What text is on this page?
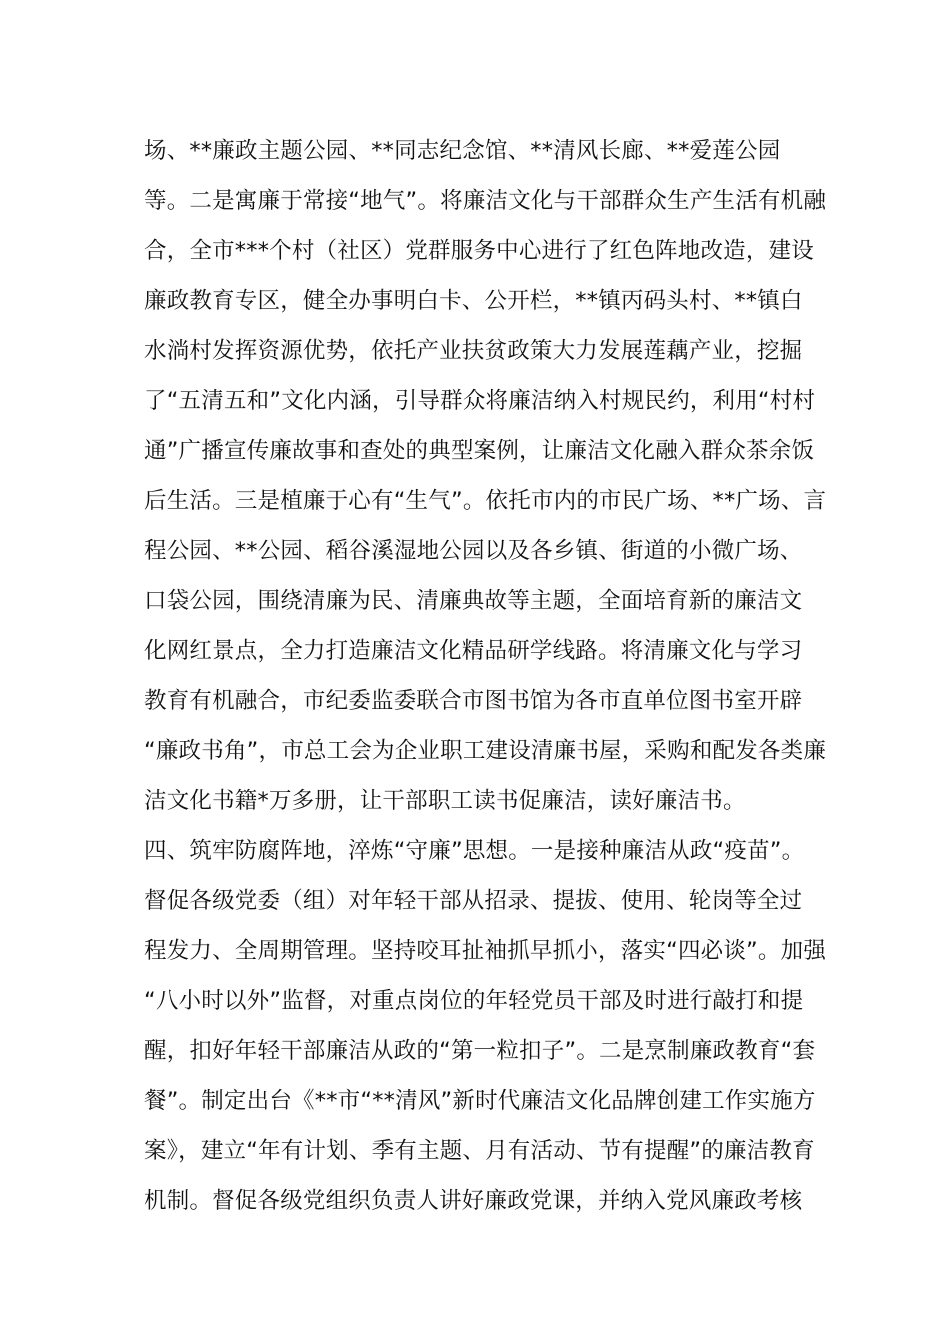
场、**廉政主题公园、**同志纪念馆、**清风长廊、**爱莲公园
等。二是寓廉于常接“地气”。将廉洁文化与干部群众生产生活有机融
合，全市***个村（社区）党群服务中心进行了红色阵地改造，建设
廉政教育专区，健全办事明白卡、公开栏，**镇丙码头村、**镇白
水淌村发挥资源优势，依托产业扶贫政策大力发展莲藕产业，挖掘
了“五清五和”文化内涵，引导群众将廉洁纳入村规民约，利用“村村
通”广播宣传廉故事和查处的典型案例，让廉洁文化融入群众茶余饭
后生活。三是植廉于心有“生气”。依托市内的市民广场、**广场、言
程公园、**公园、稻谷溪湿地公园以及各乡镇、街道的小微广场、
口袋公园，围绕清廉为民、清廉典故等主题，全面培育新的廉洁文
化网红景点，全力打造廉洁文化精品研学线路。将清廉文化与学习
教育有机融合，市纪委监委联合市图书馆为各市直单位图书室开辟
“廉政书角”，市总工会为企业职工建设清廉书屋，采购和配发各类廉
洁文化书籍*万多册，让干部职工读书促廉洁，读好廉洁书。
四、筑牢防腐阵地，淬炼“守廉”思想。一是接种廉洁从政“疫苗”。
督促各级党委（组）对年轻干部从招录、提拔、使用、轮岗等全过
程发力、全周期管理。坚持咬耳扯袖抓早抓小，落实“四必谈”。加强
“八小时以外”监督，对重点岗位的年轻党员干部及时进行敲打和提
醒，扣好年轻干部廉洁从政的“第一粒扣子”。二是烹制廉政教育“套
餐”。制定出台《**市“**清风”新时代廉洁文化品牌创建工作实施方
案》，建立“年有计划、季有主题、月有活动、节有提醒”的廉洁教育
机制。督促各级党组织负责人讲好廉政党课，并纳入党风廉政考核
